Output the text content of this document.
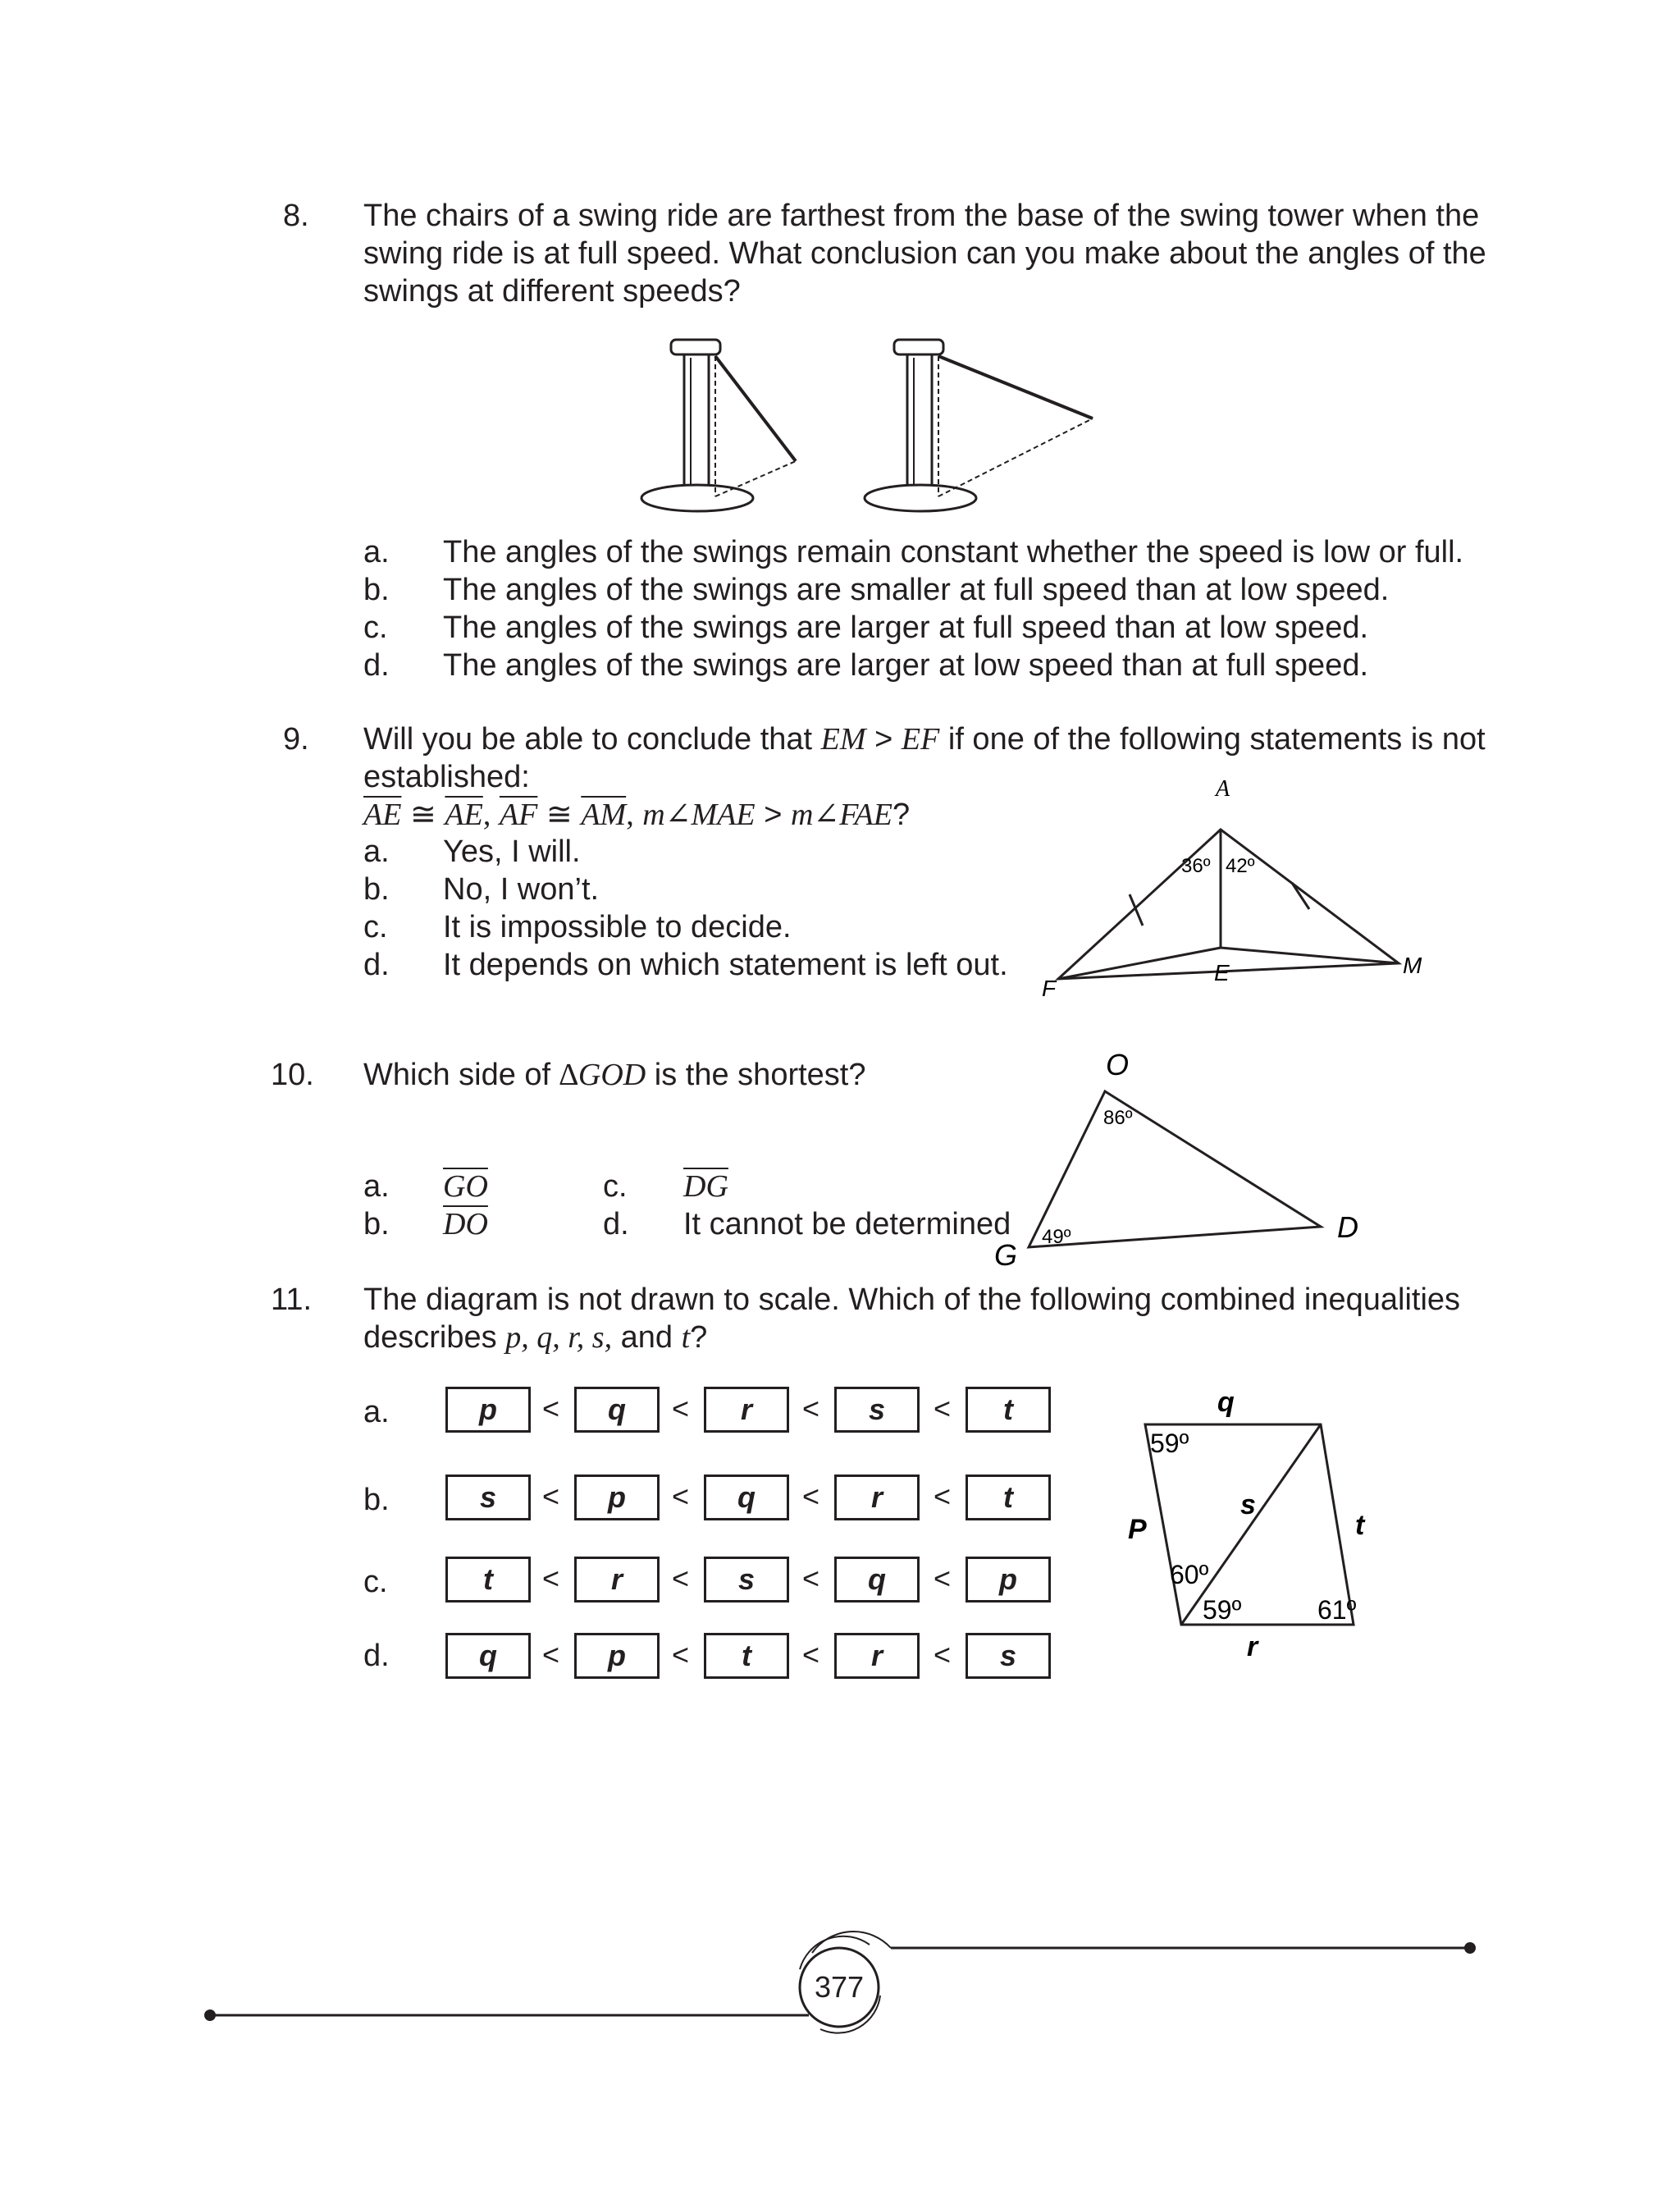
8. The chairs of a swing ride are farthest from the base of the swing tower when the swing ride is at full speed. What conclusion can you make about the angles of the swings at different speeds?
a. The angles of the swings remain constant whether the speed is low or full.
b. The angles of the swings are smaller at full speed than at low speed.
c. The angles of the swings are larger at full speed than at low speed.
d. The angles of the swings are larger at low speed than at full speed.
9. Will you be able to conclude that EM > EF if one of the following statements is not established:
$\overline{AE}$ ≅ $\overline{AE}$, $\overline{AF}$ ≅ $\overline{AM}$, m∠MAE > m∠FAE?
a. Yes, I will.
b. No, I won’t.
c. It is impossible to decide.
d. It depends on which statement is left out.
A
36º 42º
E
F
M
10. Which side of ∆GOD is the shortest?
a. $\overline{GO}$
b. $\overline{DO}$
c. $\overline{DG}$
d. It cannot be determined
O
86º
49º
G
D
11. The diagram is not drawn to scale. Which of the following combined inequalities describes p, q, r, s, and t?
a.	p	<	q	<	r	<	s	<	t
b.	s	<	p	<	q	<	r	<	t
c.	t	<	r	<	s	<	q	<	p
d.	q	<	p	<	t	<	r	<	s
q
59º
s
t
P
60º
59º	61º
r
377
